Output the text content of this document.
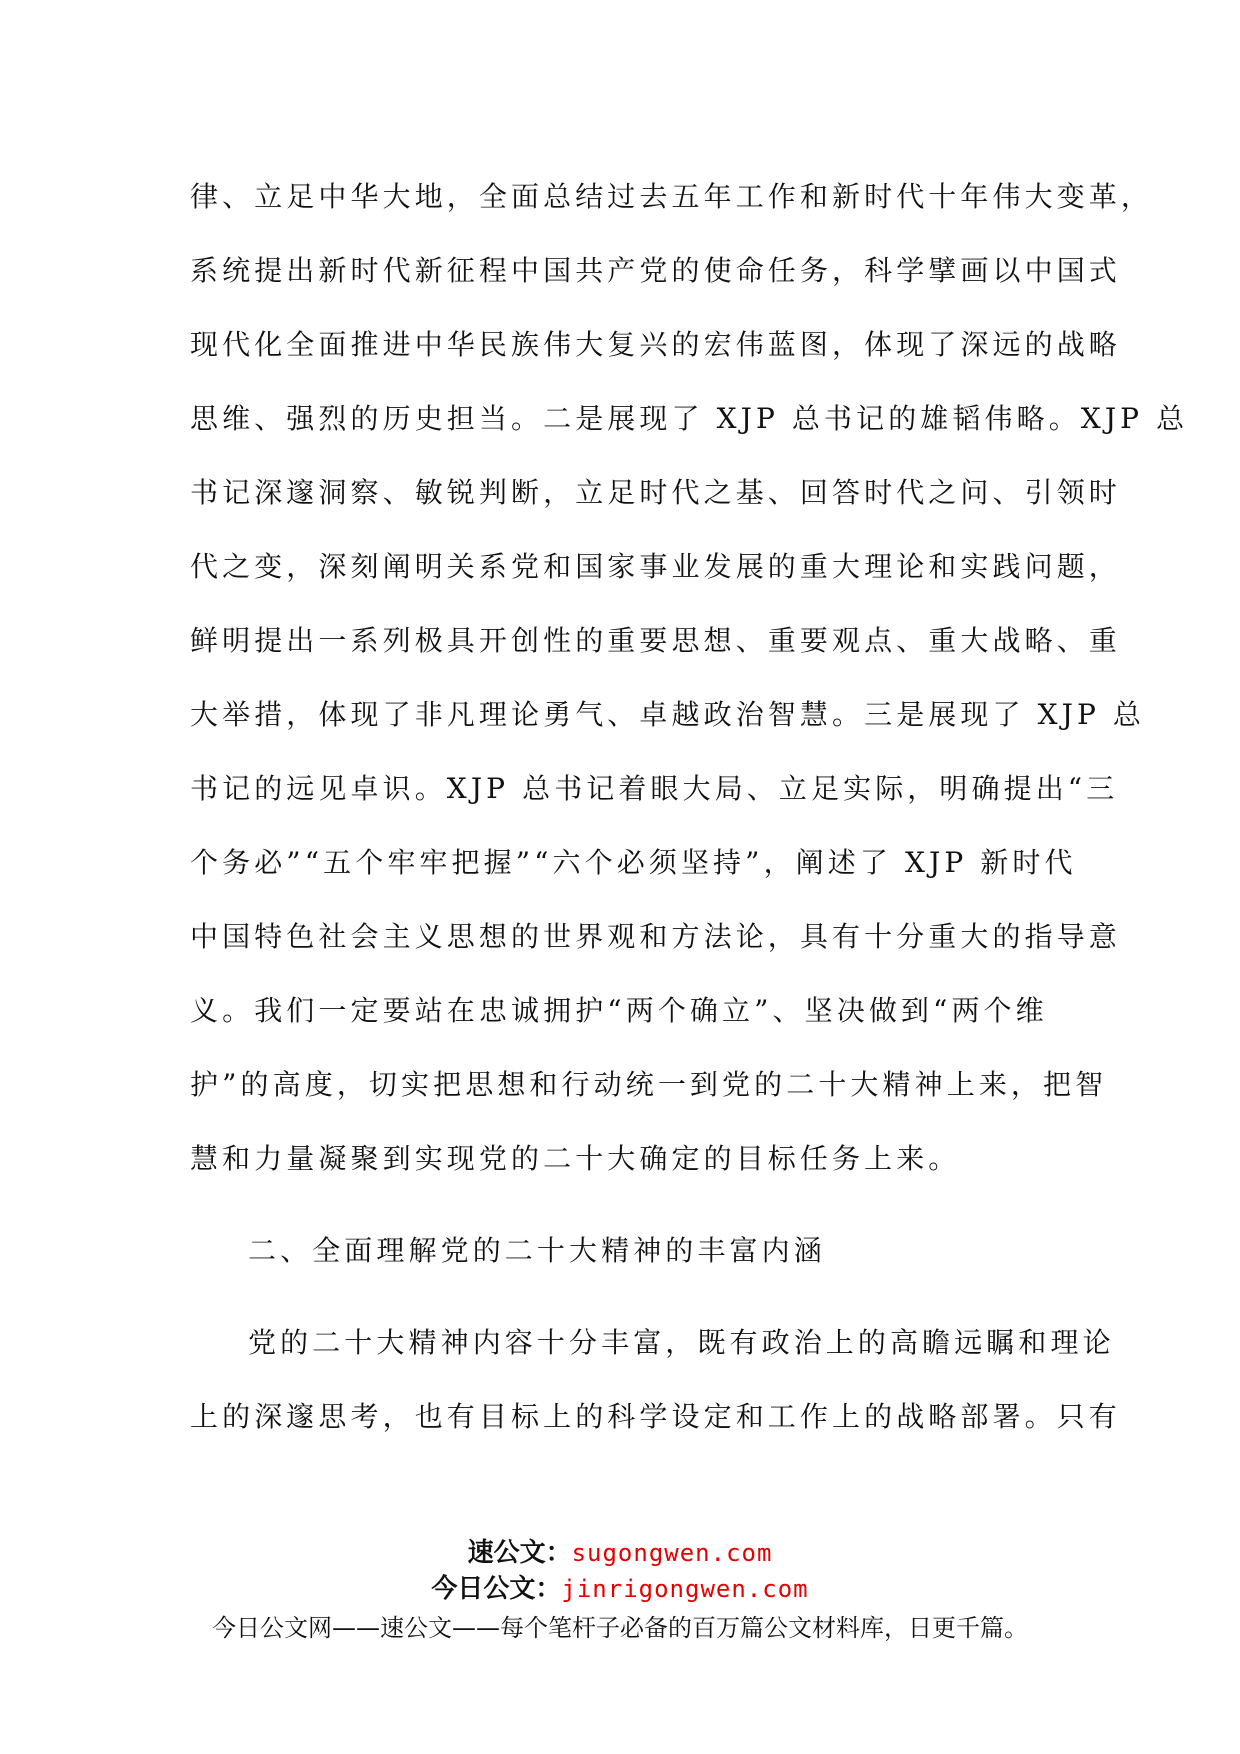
律、立足中华大地，全面总结过去五年工作和新时代十年伟大变革，
系统提出新时代新征程中国共产党的使命任务，科学擘画以中国式
现代化全面推进中华民族伟大复兴的宏伟蓝图，体现了深远的战略
思维、强烈的历史担当。二是展现了 XJP 总书记的雄韬伟略。XJP 总
书记深邃洞察、敏锐判断，立足时代之基、回答时代之问、引领时
代之变，深刻阐明关系党和国家事业发展的重大理论和实践问题，
鲜明提出一系列极具开创性的重要思想、重要观点、重大战略、重
大举措，体现了非凡理论勇气、卓越政治智慧。三是展现了 XJP 总
书记的远见卓识。XJP 总书记着眼大局、立足实际，明确提出“三
个务必”“五个牢牢把握”“六个必须坚持”，阐述了 XJP 新时代
中国特色社会主义思想的世界观和方法论，具有十分重大的指导意
义。我们一定要站在忠诚拥护“两个确立”、坚决做到“两个维
护”的高度，切实把思想和行动统一到党的二十大精神上来，把智
慧和力量凝聚到实现党的二十大确定的目标任务上来。
二、全面理解党的二十大精神的丰富内涵
党的二十大精神内容十分丰富，既有政治上的高瞻远瞩和理论
上的深邃思考，也有目标上的科学设定和工作上的战略部署。只有
速公文：sugongwen.com
今日公文：jinrigongwen.com
今日公文网——速公文——每个笔杆子必备的百万篇公文材料库，日更千篇。
